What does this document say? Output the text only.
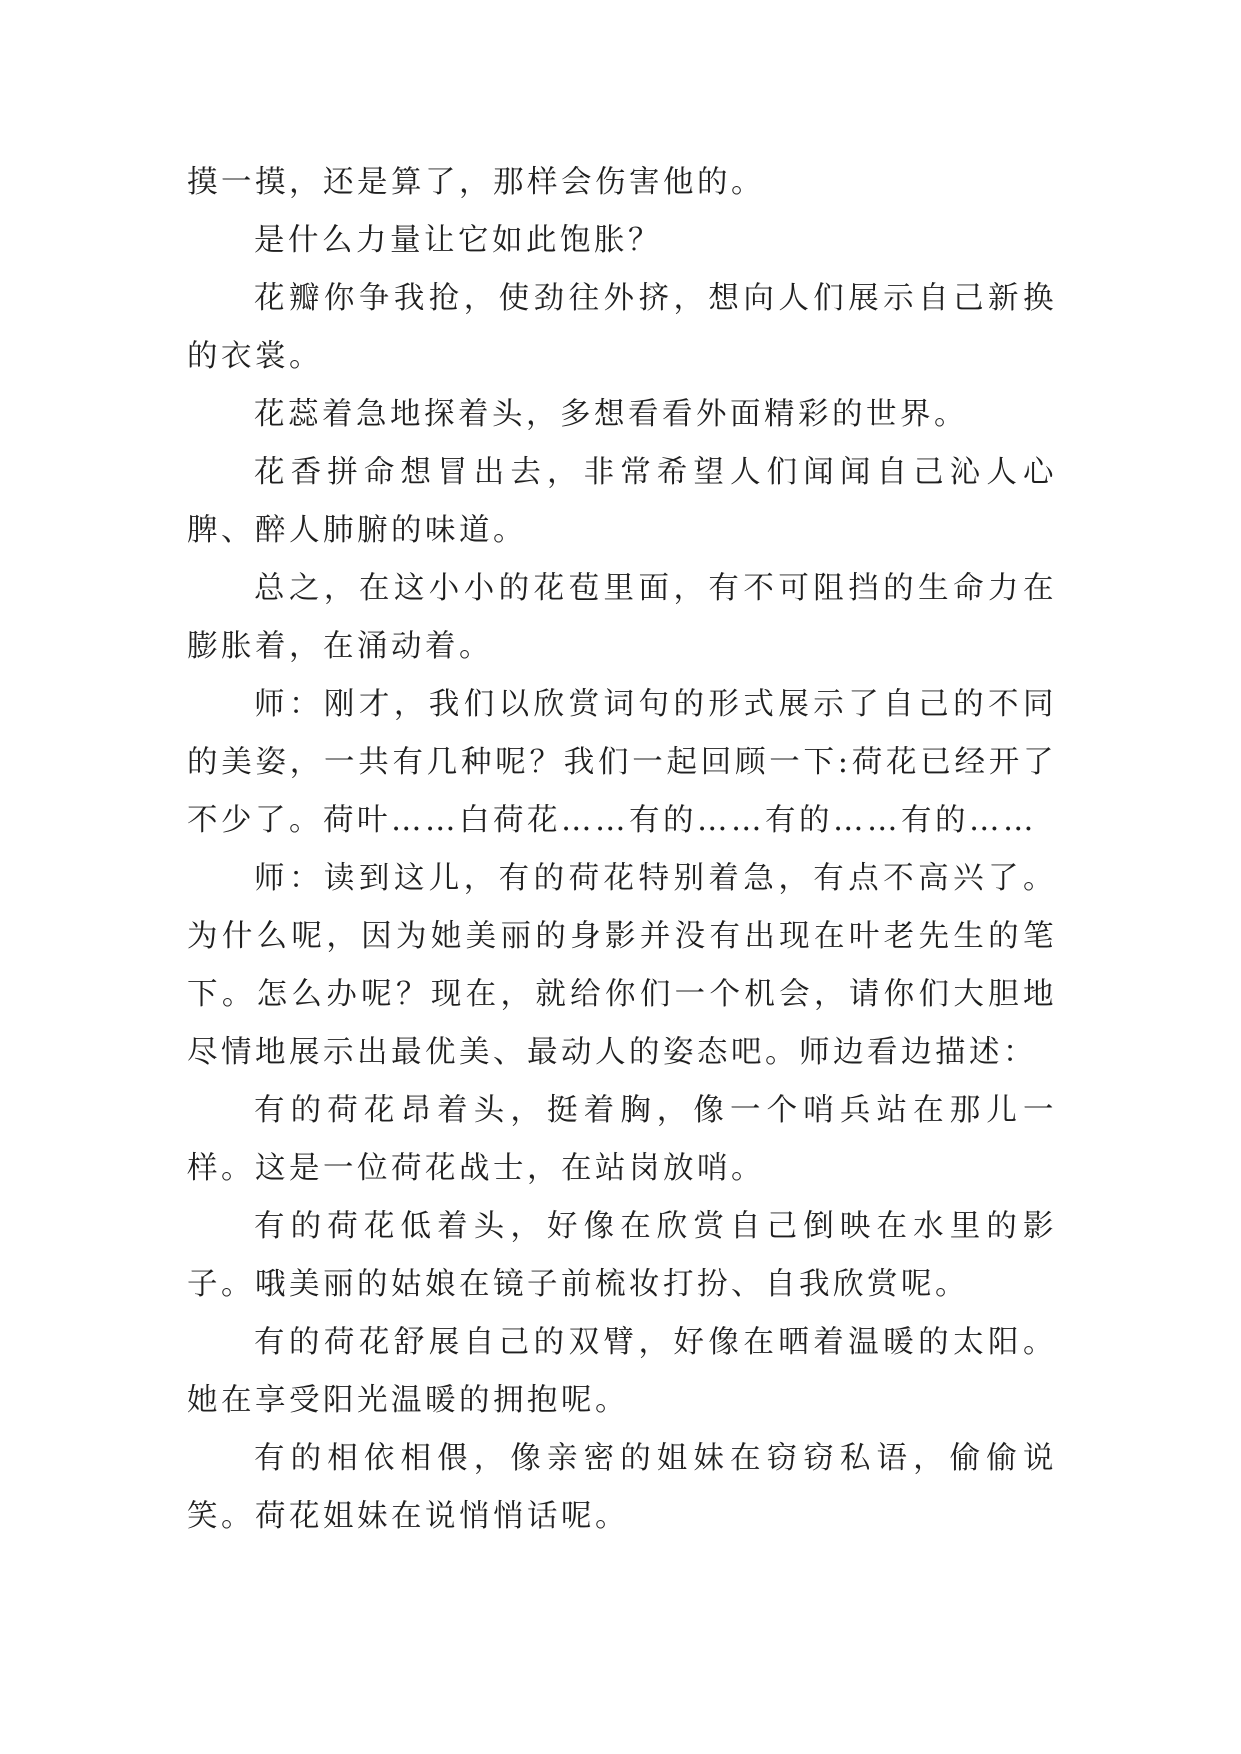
摸一摸，还是算了，那样会伤害他的。

是什么力量让它如此饱胀？

花瓣你争我抢，使劲往外挤，想向人们展示自己新换的衣裳。

花蕊着急地探着头，多想看看外面精彩的世界。

花香拼命想冒出去，非常希望人们闻闻自己沁人心脾、醉人肺腑的味道。

总之，在这小小的花苞里面，有不可阻挡的生命力在膨胀着，在涌动着。

师：刚才，我们以欣赏词句的形式展示了自己的不同的美姿，一共有几种呢？我们一起回顾一下:荷花已经开了不少了。荷叶……白荷花……有的……有的……有的……

师：读到这儿，有的荷花特别着急，有点不高兴了。为什么呢，因为她美丽的身影并没有出现在叶老先生的笔下。怎么办呢？现在，就给你们一个机会，请你们大胆地尽情地展示出最优美、最动人的姿态吧。师边看边描述：

有的荷花昂着头，挺着胸，像一个哨兵站在那儿一样。这是一位荷花战士，在站岗放哨。

有的荷花低着头，好像在欣赏自己倒映在水里的影子。哦美丽的姑娘在镜子前梳妆打扮、自我欣赏呢。

有的荷花舒展自己的双臂，好像在晒着温暖的太阳。她在享受阳光温暖的拥抱呢。

有的相依相偎，像亲密的姐妹在窃窃私语，偷偷说笑。荷花姐妹在说悄悄话呢。
